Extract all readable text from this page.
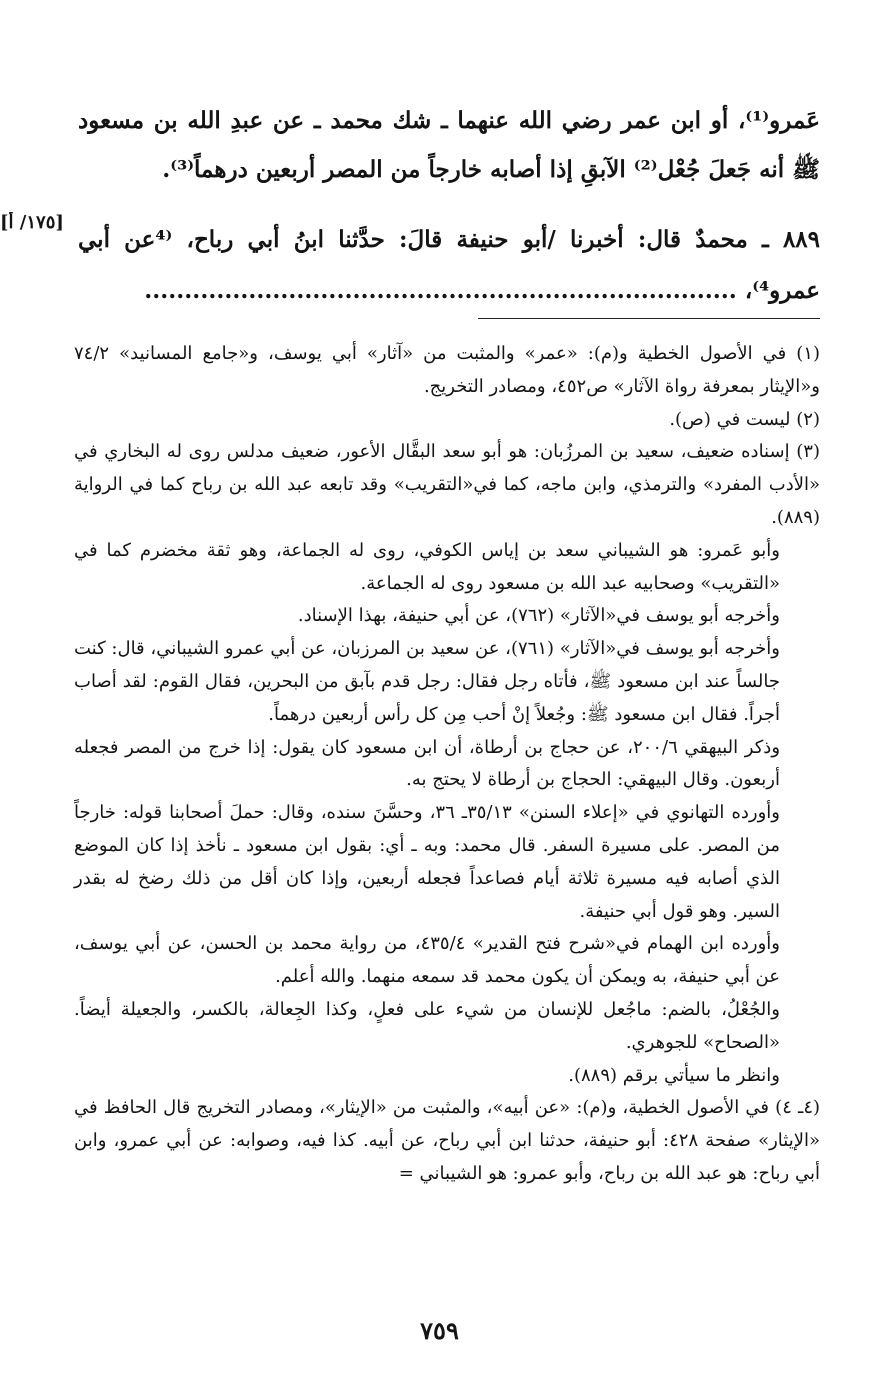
عَمرو⁽¹⁾، أو ابن عمر رضي الله عنهما ـ شك محمد ـ عن عبدِ الله بن مسعود ﷺ أنه جَعلَ جُعْل⁽²⁾ الآبقِ إذا أصابه خارجاً من المصر أربعين درهماً⁽³⁾.

٨٨٩ ـ محمدٌ قال: أخبرنا /أبو حنيفة قالَ: حدَّثنا ابنُ أبي رباح، ⁽⁴عن أبي عمرو⁴⁾، ..........................................................................

[١٧٥/ أ]

(١) في الأصول الخطية و(م): «عمر» والمثبت من «آثار» أبي يوسف، و«جامع المسانيد» ٧٤/٢ و«الإيثار بمعرفة رواة الآثار» ص٤٥٢، ومصادر التخريج.

(٢) ليست في (ص).

(٣) إسناده ضعيف، سعيد بن المرزُبان: هو أبو سعد البقَّال الأعور، ضعيف مدلس روى له البخاري في «الأدب المفرد» والترمذي، وابن ماجه، كما في«التقريب» وقد تابعه عبد الله بن رباح كما في الرواية (٨٨٩).

وأبو عَمرو: هو الشيباني سعد بن إياس الكوفي، روى له الجماعة، وهو ثقة مخضرم كما في «التقريب» وصحابيه عبد الله بن مسعود روى له الجماعة.

وأخرجه أبو يوسف في«الآثار» (٧٦٢)، عن أبي حنيفة، بهذا الإسناد.

وأخرجه أبو يوسف في«الآثار» (٧٦١)، عن سعيد بن المرزبان، عن أبي عمرو الشيباني، قال: كنت جالساً عند ابن مسعود ﷺ، فأتاه رجل فقال: رجل قدم بآبق من البحرين، فقال القوم: لقد أصاب أجراً. فقال ابن مسعود ﷺ: وجُعلاً إنْ أحب مِن كل رأس أربعين درهماً.

وذكر البيهقي ٢٠٠/٦، عن حجاج بن أرطاة، أن ابن مسعود كان يقول: إذا خرج من المصر فجعله أربعون. وقال البيهقي: الحجاج بن أرطاة لا يحتج به.

وأورده التهانوي في «إعلاء السنن» ٣٥/١٣ـ ٣٦، وحسَّنَ سنده، وقال: حملَ أصحابنا قوله: خارجاً من المصر. على مسيرة السفر. قال محمد: وبه ـ أي: بقول ابن مسعود ـ نأخذ إذا كان الموضع الذي أصابه فيه مسيرة ثلاثة أيام فصاعداً فجعله أربعين، وإذا كان أقل من ذلك رضخ له بقدر السير. وهو قول أبي حنيفة.

وأورده ابن الهمام في«شرح فتح القدير» ٤٣٥/٤، من رواية محمد بن الحسن، عن أبي يوسف، عن أبي حنيفة، به ويمكن أن يكون محمد قد سمعه منهما. والله أعلم.

والجُعْلُ، بالضم: ماجُعل للإنسان من شيء على فعلٍ، وكذا الجِعالة، بالكسر، والجعيلة أيضاً. «الصحاح» للجوهري.

وانظر ما سيأتي برقم (٨٨٩).

(٤ـ ٤) في الأصول الخطية، و(م): «عن أبيه»، والمثبت من «الإيثار»، ومصادر التخريج قال الحافظ في «الإيثار» صفحة ٤٢٨: أبو حنيفة، حدثنا ابن أبي رباح، عن أبيه. كذا فيه، وصوابه: عن أبي عمرو، وابن أبي رباح: هو عبد الله بن رباح، وأبو عمرو: هو الشيباني =

٧٥٩
